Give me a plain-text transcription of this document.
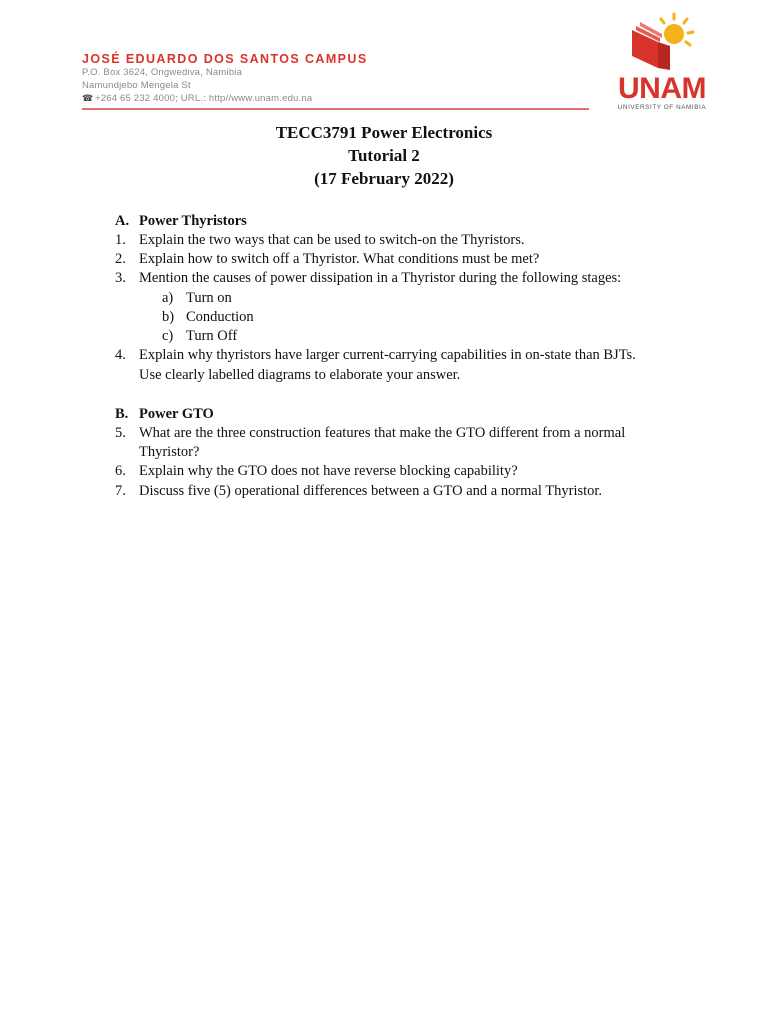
JOSÉ EDUARDO DOS SANTOS CAMPUS
P.O. Box 3624, Ongwediva, Namibia
Namundjebo Mengela St
☎ +264 65 232 4000; URL.: http//www.unam.edu.na	UNAM
UNIVERSITY OF NAMIBIA
TECC3791 Power Electronics
Tutorial 2
(17 February 2022)
A. Power Thyristors
1. Explain the two ways that can be used to switch-on the Thyristors.
2. Explain how to switch off a Thyristor. What conditions must be met?
3. Mention the causes of power dissipation in a Thyristor during the following stages:
a) Turn on
b) Conduction
c) Turn Off
4. Explain why thyristors have larger current-carrying capabilities in on-state than BJTs.
Use clearly labelled diagrams to elaborate your answer.
B. Power GTO
5. What are the three construction features that make the GTO different from a normal
Thyristor?
6. Explain why the GTO does not have reverse blocking capability?
7. Discuss five (5) operational differences between a GTO and a normal Thyristor.
